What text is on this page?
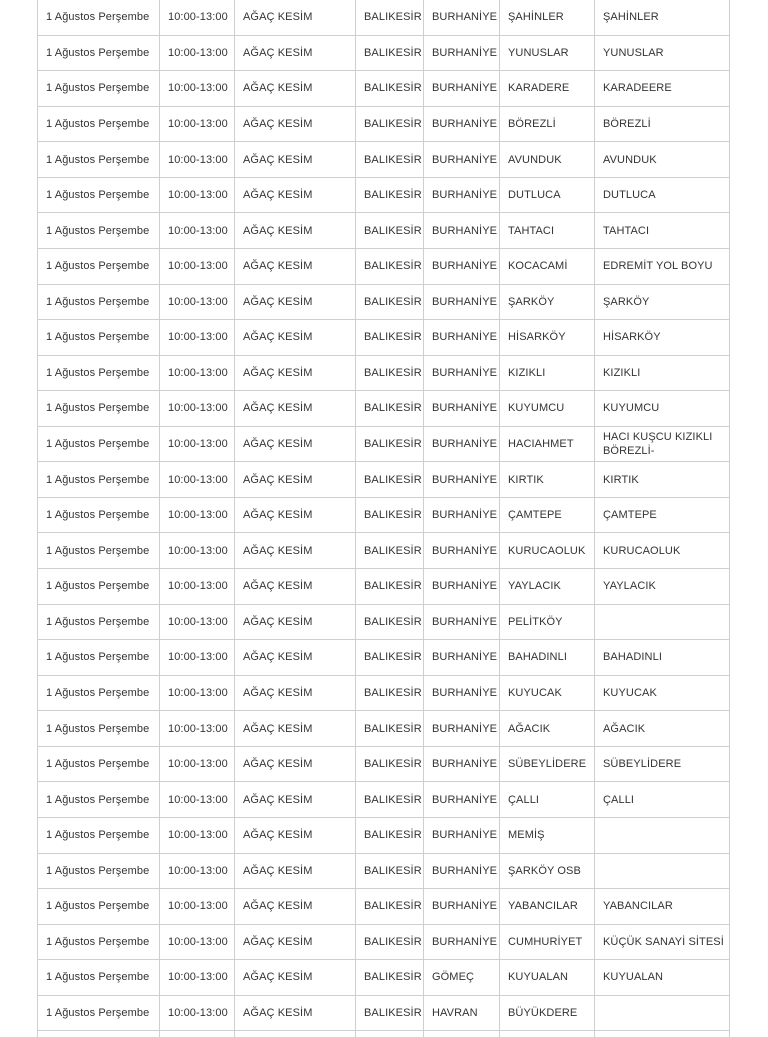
1 Ağustos Perşembe	10:00-13:00	AĞAÇ KESİM	BALIKESİR	BURHANİYE	ŞAHİNLER	ŞAHİNLER
1 Ağustos Perşembe	10:00-13:00	AĞAÇ KESİM	BALIKESİR	BURHANİYE	YUNUSLAR	YUNUSLAR
1 Ağustos Perşembe	10:00-13:00	AĞAÇ KESİM	BALIKESİR	BURHANİYE	KARADERE	KARADEERE
1 Ağustos Perşembe	10:00-13:00	AĞAÇ KESİM	BALIKESİR	BURHANİYE	BÖREZLİ	BÖREZLİ
1 Ağustos Perşembe	10:00-13:00	AĞAÇ KESİM	BALIKESİR	BURHANİYE	AVUNDUK	AVUNDUK
1 Ağustos Perşembe	10:00-13:00	AĞAÇ KESİM	BALIKESİR	BURHANİYE	DUTLUCA	DUTLUCA
1 Ağustos Perşembe	10:00-13:00	AĞAÇ KESİM	BALIKESİR	BURHANİYE	TAHTACI	TAHTACI
1 Ağustos Perşembe	10:00-13:00	AĞAÇ KESİM	BALIKESİR	BURHANİYE	KOCACAMİ	EDREMİT YOL BOYU
1 Ağustos Perşembe	10:00-13:00	AĞAÇ KESİM	BALIKESİR	BURHANİYE	ŞARKÖY	ŞARKÖY
1 Ağustos Perşembe	10:00-13:00	AĞAÇ KESİM	BALIKESİR	BURHANİYE	HİSARKÖY	HİSARKÖY
1 Ağustos Perşembe	10:00-13:00	AĞAÇ KESİM	BALIKESİR	BURHANİYE	KIZIKLI	KIZIKLI
1 Ağustos Perşembe	10:00-13:00	AĞAÇ KESİM	BALIKESİR	BURHANİYE	KUYUMCU	KUYUMCU
1 Ağustos Perşembe	10:00-13:00	AĞAÇ KESİM	BALIKESİR	BURHANİYE	HACIAHMET	HACI KUŞCU KIZIKLI BÖREZLİ-
1 Ağustos Perşembe	10:00-13:00	AĞAÇ KESİM	BALIKESİR	BURHANİYE	KIRTIK	KIRTIK
1 Ağustos Perşembe	10:00-13:00	AĞAÇ KESİM	BALIKESİR	BURHANİYE	ÇAMTEPE	ÇAMTEPE
1 Ağustos Perşembe	10:00-13:00	AĞAÇ KESİM	BALIKESİR	BURHANİYE	KURUCAOLUK	KURUCAOLUK
1 Ağustos Perşembe	10:00-13:00	AĞAÇ KESİM	BALIKESİR	BURHANİYE	YAYLACIK	YAYLACIK
1 Ağustos Perşembe	10:00-13:00	AĞAÇ KESİM	BALIKESİR	BURHANİYE	PELİTKÖY	
1 Ağustos Perşembe	10:00-13:00	AĞAÇ KESİM	BALIKESİR	BURHANİYE	BAHADINLI	BAHADINLI
1 Ağustos Perşembe	10:00-13:00	AĞAÇ KESİM	BALIKESİR	BURHANİYE	KUYUCAK	KUYUCAK
1 Ağustos Perşembe	10:00-13:00	AĞAÇ KESİM	BALIKESİR	BURHANİYE	AĞACIK	AĞACIK
1 Ağustos Perşembe	10:00-13:00	AĞAÇ KESİM	BALIKESİR	BURHANİYE	SÜBEYLİDERE	SÜBEYLİDERE
1 Ağustos Perşembe	10:00-13:00	AĞAÇ KESİM	BALIKESİR	BURHANİYE	ÇALLI	ÇALLI
1 Ağustos Perşembe	10:00-13:00	AĞAÇ KESİM	BALIKESİR	BURHANİYE	MEMİŞ	
1 Ağustos Perşembe	10:00-13:00	AĞAÇ KESİM	BALIKESİR	BURHANİYE	ŞARKÖY OSB	
1 Ağustos Perşembe	10:00-13:00	AĞAÇ KESİM	BALIKESİR	BURHANİYE	YABANCILAR	YABANCILAR
1 Ağustos Perşembe	10:00-13:00	AĞAÇ KESİM	BALIKESİR	BURHANİYE	CUMHURİYET	KÜÇÜK SANAYİ SİTESİ
1 Ağustos Perşembe	10:00-13:00	AĞAÇ KESİM	BALIKESİR	GÖMEÇ	KUYUALAN	KUYUALAN
1 Ağustos Perşembe	10:00-13:00	AĞAÇ KESİM	BALIKESİR	HAVRAN	BÜYÜKDERE	
